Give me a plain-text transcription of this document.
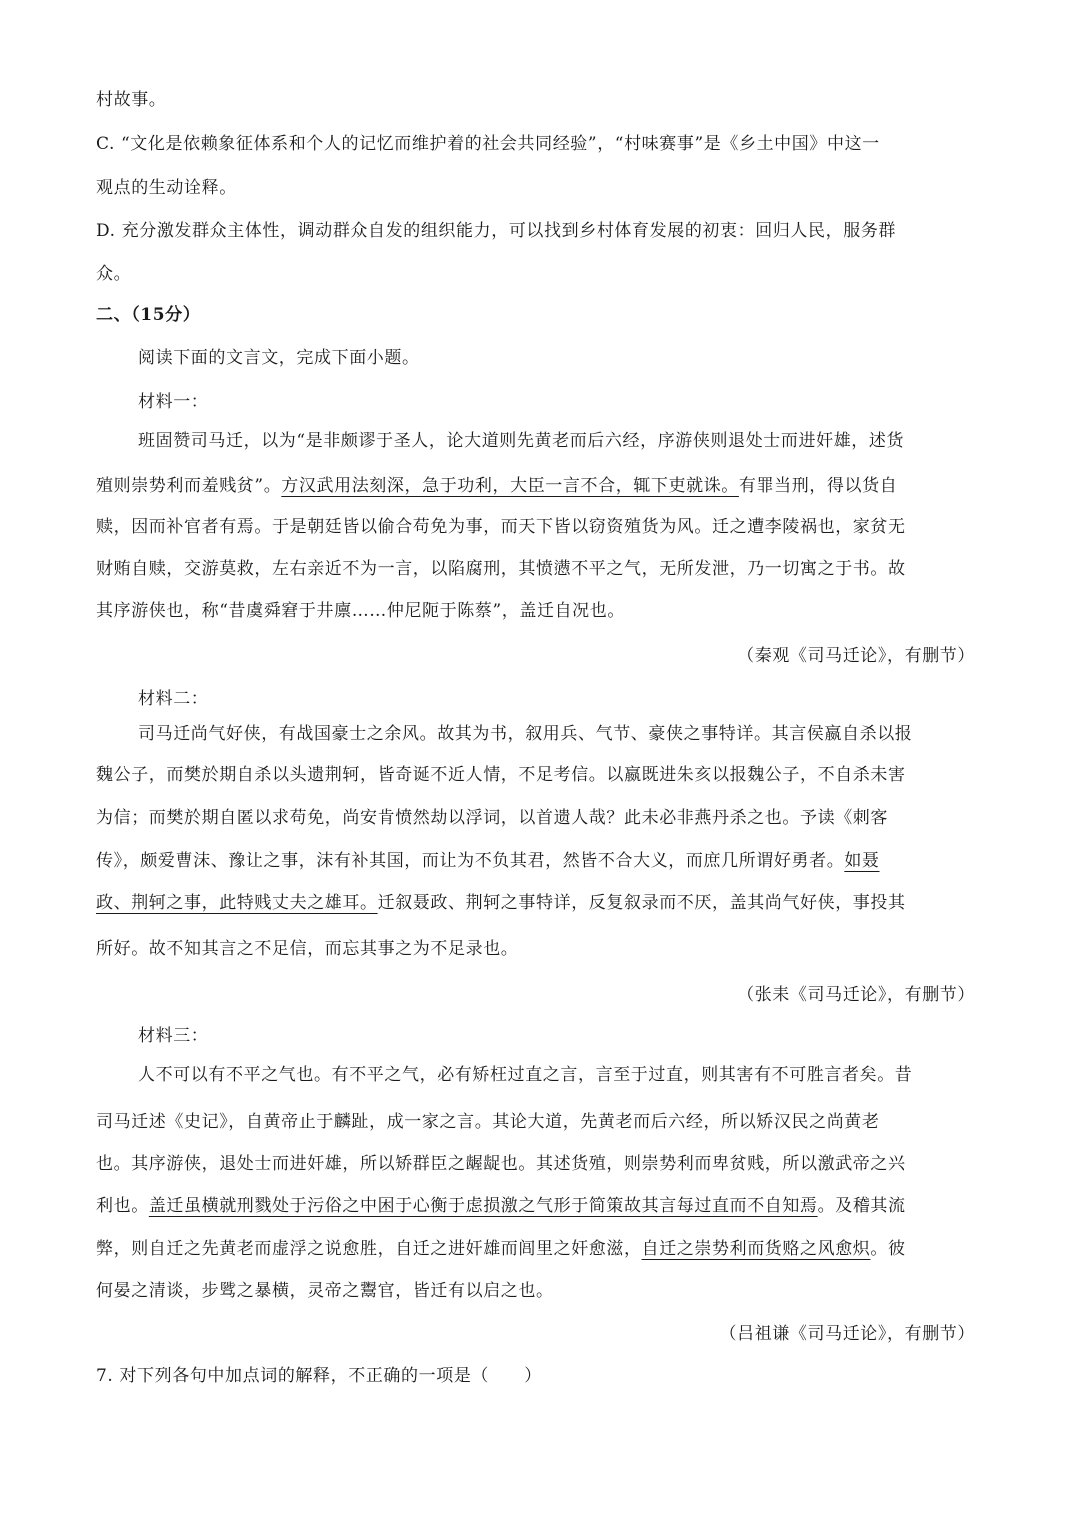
村故事。
C. “文化是依赖象征体系和个人的记忆而维护着的社会共同经验”，“村味赛事”是《乡土中国》中这一
观点的生动诠释。
D. 充分激发群众主体性，调动群众自发的组织能力，可以找到乡村体育发展的初衷：回归人民，服务群
众。
二、（15分）
阅读下面的文言文，完成下面小题。
材料一：
班固赞司马迁，以为“是非颇谬于圣人，论大道则先黄老而后六经，序游侠则退处士而进奸雄，述货
殖则崇势利而羞贱贫”。方汉武用法刻深，急于功利，大臣一言不合，辄下吏就诛。有罪当刑，得以货自
赎，因而补官者有焉。于是朝廷皆以偷合苟免为事，而天下皆以窃资殖货为风。迁之遭李陵祸也，家贫无
财贿自赎，交游莫救，左右亲近不为一言，以陷腐刑，其愤懑不平之气，无所发泄，乃一切寓之于书。故
其序游侠也，称“昔虞舜窘于井廪……仲尼阨于陈蔡”，盖迁自况也。
（秦观《司马迁论》，有删节）
材料二：
司马迁尚气好侠，有战国豪士之余风。故其为书，叙用兵、气节、豪侠之事特详。其言侯嬴自杀以报
魏公子，而樊於期自杀以头遗荆轲，皆奇诞不近人情，不足考信。以嬴既进朱亥以报魏公子，不自杀未害
为信；而樊於期自匿以求苟免，尚安肯愤然劫以浮词，以首遗人哉？此未必非燕丹杀之也。予读《刺客
传》，颇爱曹沫、豫让之事，沫有补其国，而让为不负其君，然皆不合大义，而庶几所谓好勇者。如聂
政、荆轲之事，此特贱丈夫之雄耳。迁叙聂政、荆轲之事特详，反复叙录而不厌，盖其尚气好侠，事投其
所好。故不知其言之不足信，而忘其事之为不足录也。
（张耒《司马迁论》，有删节）
材料三：
人不可以有不平之气也。有不平之气，必有矫枉过直之言，言至于过直，则其害有不可胜言者矣。昔
司马迁述《史记》，自黄帝止于麟趾，成一家之言。其论大道，先黄老而后六经，所以矫汉民之尚黄老
也。其序游侠，退处士而进奸雄，所以矫群臣之龌龊也。其述货殖，则崇势利而卑贫贱，所以激武帝之兴
利也。盖迁虽横就刑戮处于污俗之中困于心衡于虑损激之气形于简策故其言每过直而不自知焉。及稽其流
弊，则自迁之先黄老而虚浮之说愈胜，自迁之进奸雄而闾里之奸愈滋，自迁之崇势利而货赂之风愈炽。彼
何晏之清谈，步骘之暴横，灵帝之鬻官，皆迁有以启之也。
（吕祖谦《司马迁论》，有删节）
7. 对下列各句中加点词的解释，不正确的一项是（　　）
